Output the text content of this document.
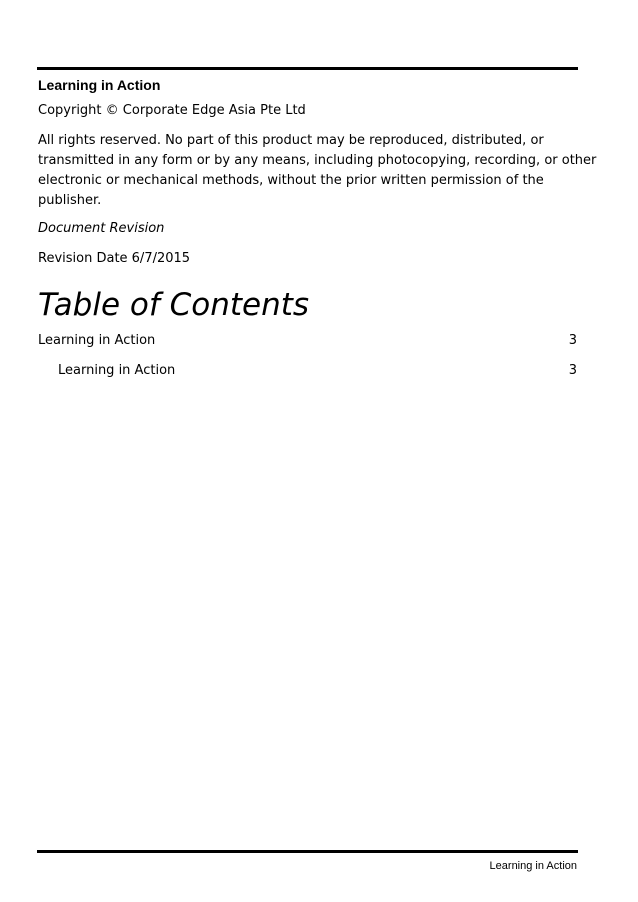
Learning in Action
Copyright © Corporate Edge Asia Pte Ltd
All rights reserved. No part of this product may be reproduced, distributed, or
transmitted in any form or by any means, including photocopying, recording, or other
electronic or mechanical methods, without the prior written permission of the
publisher.
Document Revision
Revision Date 6/7/2015
Table of Contents
Learning in Action	3
Learning in Action	3
Learning in Action
